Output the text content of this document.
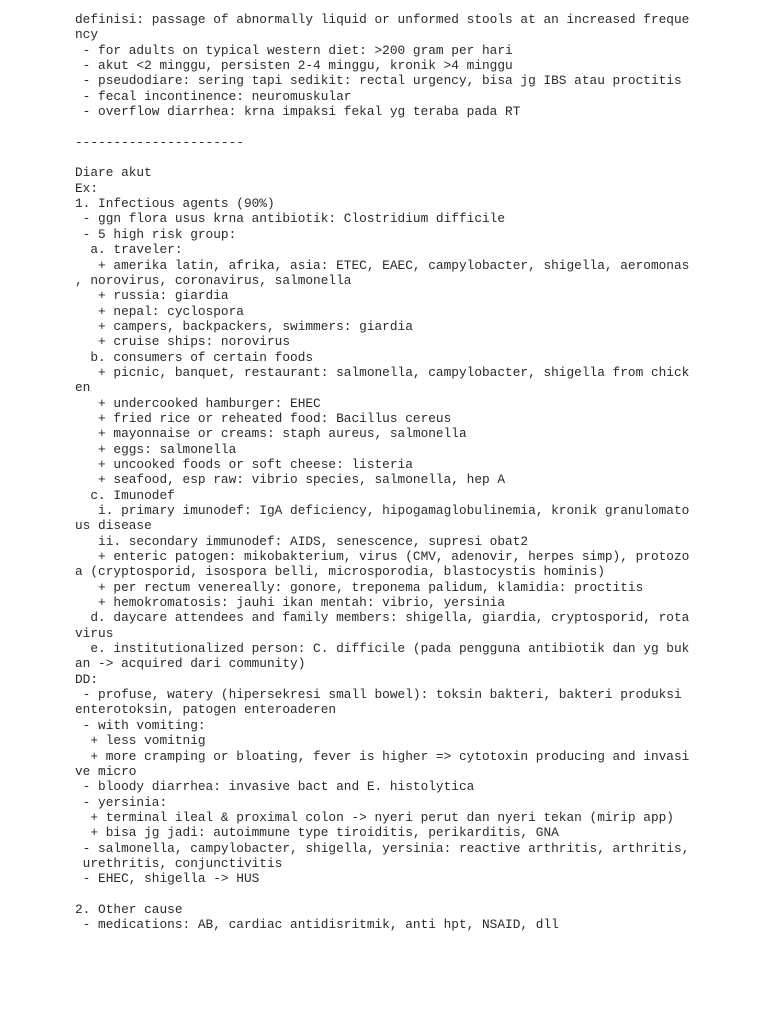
definisi: passage of abnormally liquid or unformed stools at an increased freque
ncy
- for adults on typical western diet: >200 gram per hari
- akut <2 minggu, persisten 2-4 minggu, kronik >4 minggu
- pseudodiare: sering tapi sedikit: rectal urgency, bisa jg IBS atau proctitis
- fecal incontinence: neuromuskular
- overflow diarrhea: krna impaksi fekal yg teraba pada RT
----------------------
Diare akut
Ex:
1. Infectious agents (90%)
- ggn flora usus krna antibiotik: Clostridium difficile
- 5 high risk group:
a. traveler:
+ amerika latin, afrika, asia: ETEC, EAEC, campylobacter, shigella, aeromonas
, norovirus, coronavirus, salmonella
+ russia: giardia
+ nepal: cyclospora
+ campers, backpackers, swimmers: giardia
+ cruise ships: norovirus
b. consumers of certain foods
+ picnic, banquet, restaurant: salmonella, campylobacter, shigella from chick
en
+ undercooked hamburger: EHEC
+ fried rice or reheated food: Bacillus cereus
+ mayonnaise or creams: staph aureus, salmonella
+ eggs: salmonella
+ uncooked foods or soft cheese: listeria
+ seafood, esp raw: vibrio species, salmonella, hep A
c. Imunodef
i. primary imunodef: IgA deficiency, hipogamaglobulinemia, kronik granulomato
us disease
ii. secondary immunodef: AIDS, senescence, supresi obat2
+ enteric patogen: mikobakterium, virus (CMV, adenovir, herpes simp), protozo
a (cryptosporid, isospora belli, microsporodia, blastocystis hominis)
+ per rectum venereally: gonore, treponema palidum, klamidia: proctitis
+ hemokromatosis: jauhi ikan mentah: vibrio, yersinia
d. daycare attendees and family members: shigella, giardia, cryptosporid, rota
virus
e. institutionalized person: C. difficile (pada pengguna antibiotik dan yg buk
an -> acquired dari community)
DD:
- profuse, watery (hipersekresi small bowel): toksin bakteri, bakteri produksi
enterotoksin, patogen enteroaderen
- with vomiting:
+ less vomitnig
+ more cramping or bloating, fever is higher => cytotoxin producing and invasi
ve micro
- bloody diarrhea: invasive bact and E. histolytica
- yersinia:
+ terminal ileal & proximal colon -> nyeri perut dan nyeri tekan (mirip app)
+ bisa jg jadi: autoimmune type tiroiditis, perikarditis, GNA
- salmonella, campylobacter, shigella, yersinia: reactive arthritis, arthritis,
urethritis, conjunctivitis
- EHEC, shigella -> HUS
2. Other cause
- medications: AB, cardiac antidisritmik, anti hpt, NSAID, dll
